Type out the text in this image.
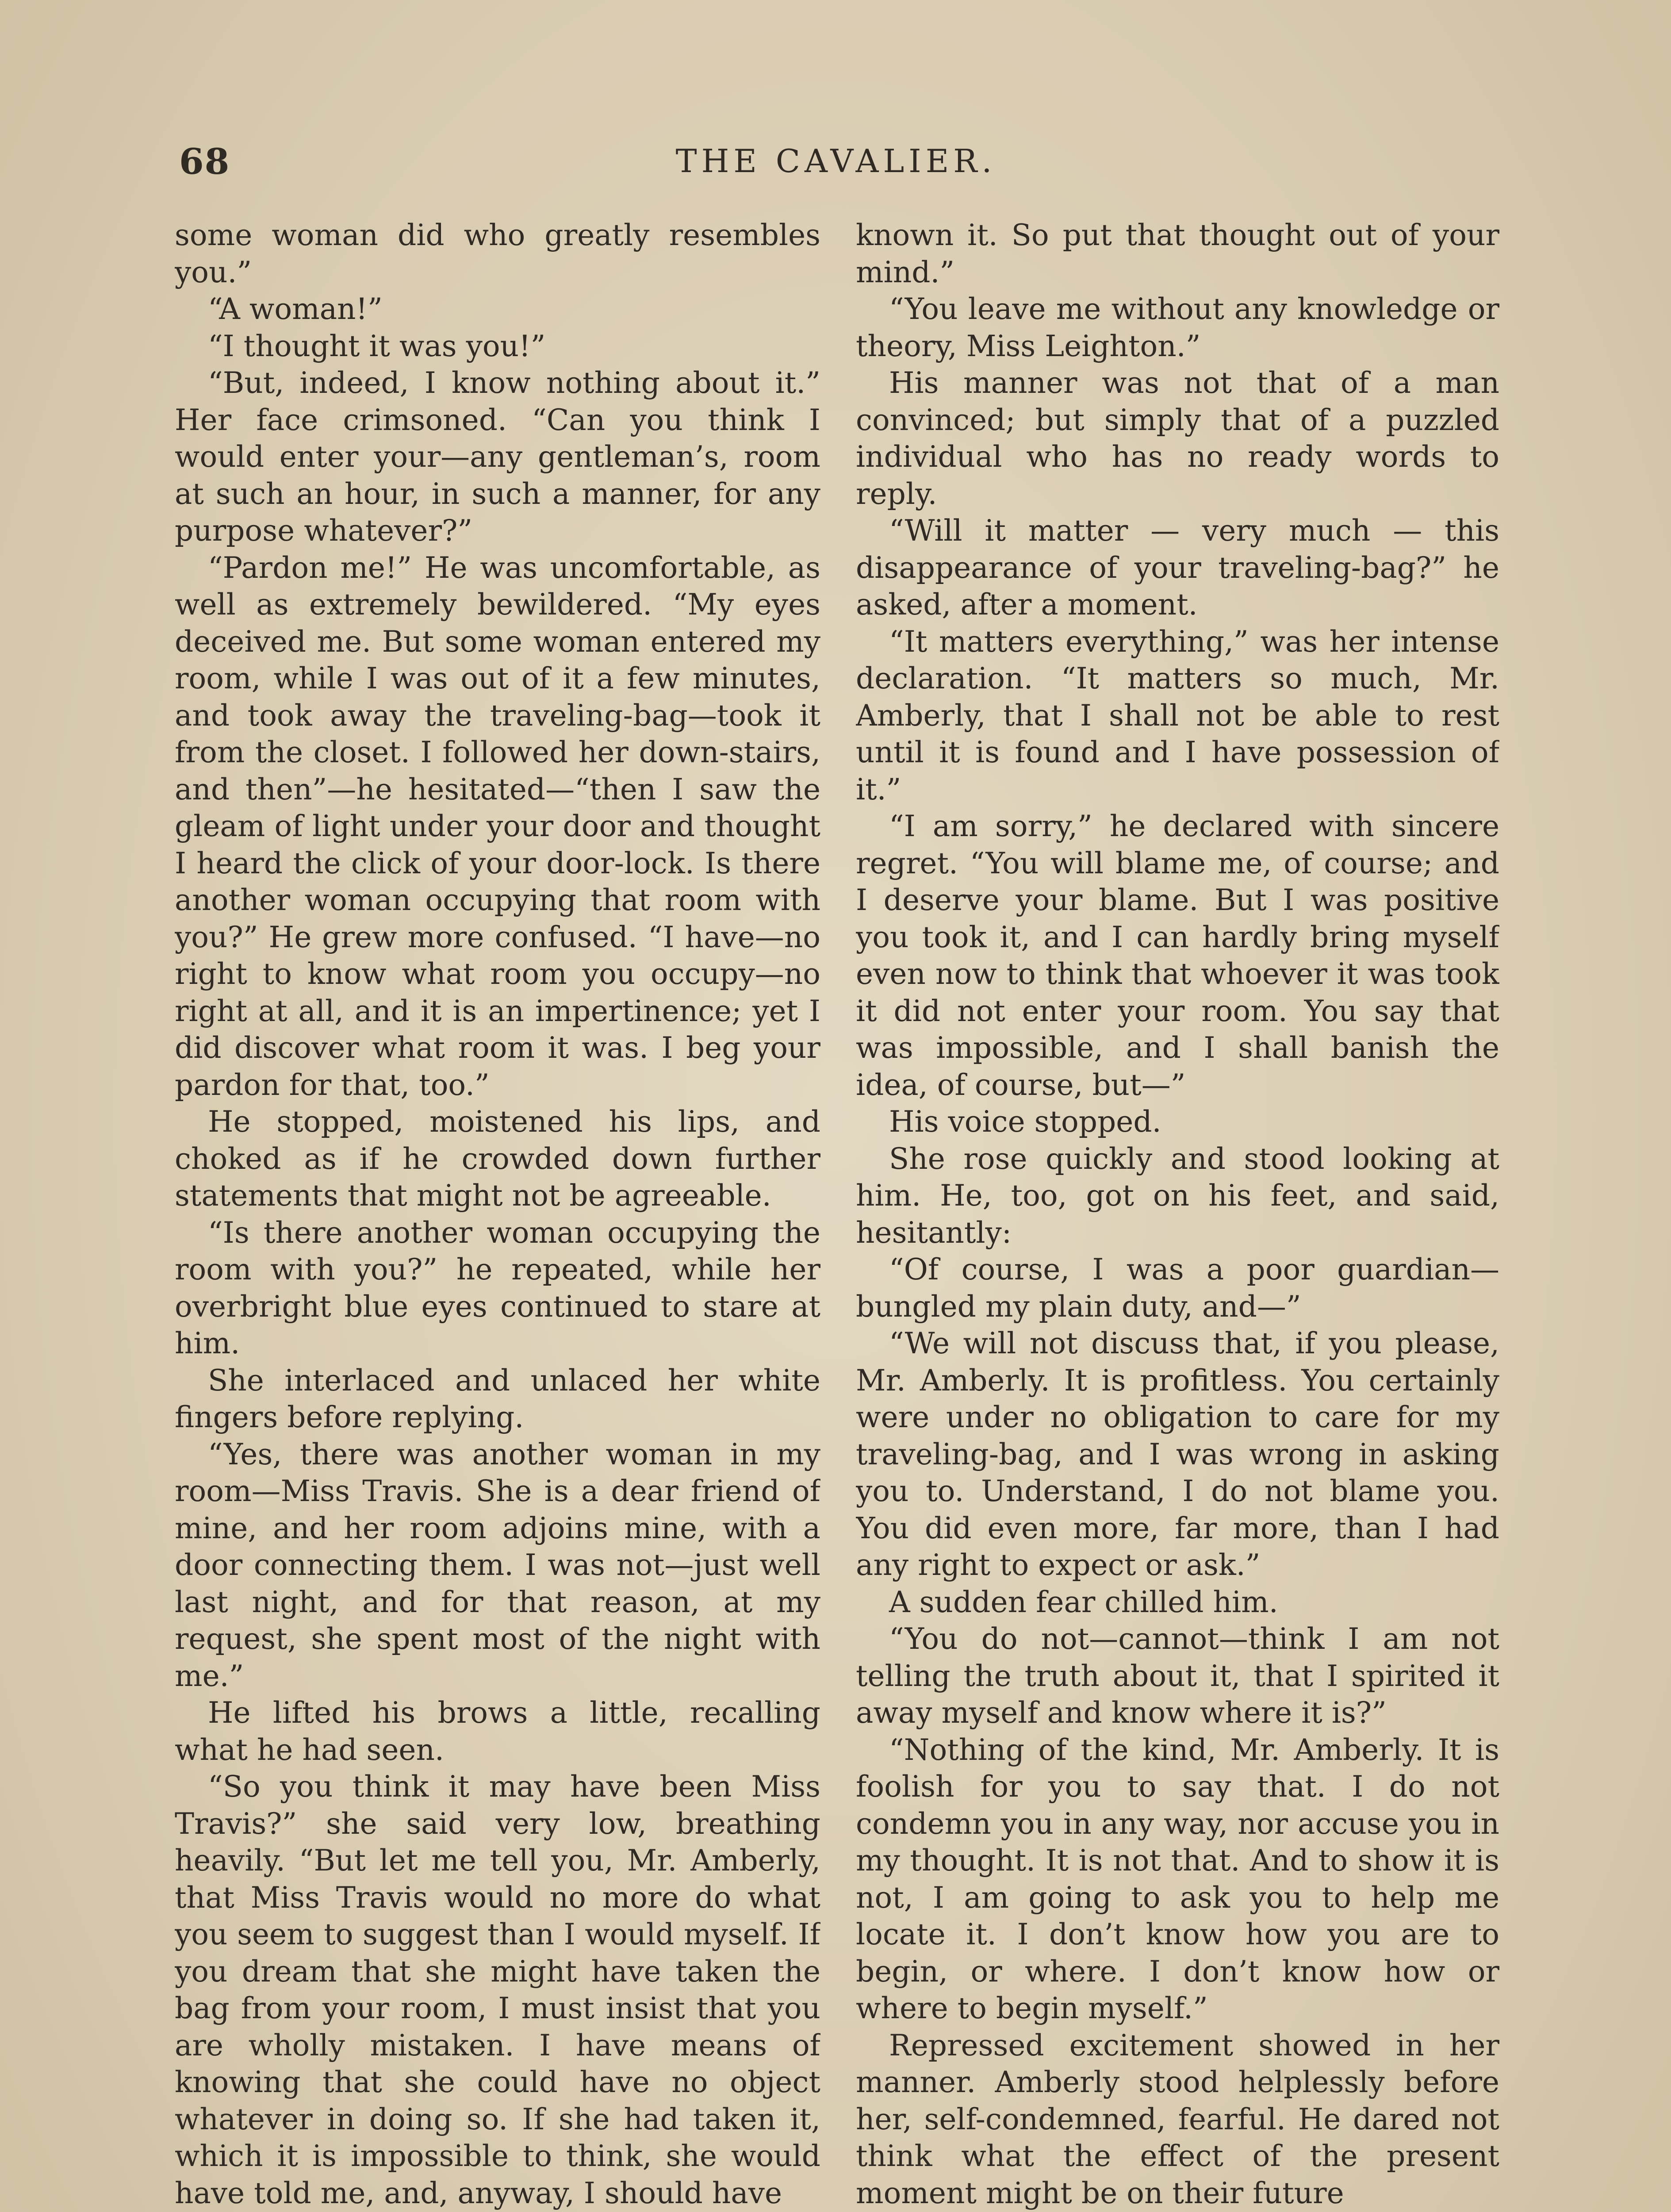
68	THE CAVALIER.

some woman did who greatly resembles you.”

“A woman!”

“I thought it was you!”

“But, indeed, I know nothing about it.” Her face crimsoned. “Can you think I would enter your—any gentleman’s, room at such an hour, in such a manner, for any purpose whatever?”

“Pardon me!” He was uncomfortable, as well as extremely bewildered. “My eyes deceived me. But some woman entered my room, while I was out of it a few minutes, and took away the traveling-bag—took it from the closet. I followed her down-stairs, and then”—he hesitated—“then I saw the gleam of light under your door and thought I heard the click of your door-lock. Is there another woman occupying that room with you?” He grew more confused. “I have—no right to know what room you occupy—no right at all, and it is an impertinence; yet I did discover what room it was. I beg your pardon for that, too.”

He stopped, moistened his lips, and choked as if he crowded down further statements that might not be agreeable.

“Is there another woman occupying the room with you?” he repeated, while her overbright blue eyes continued to stare at him.

She interlaced and unlaced her white fingers before replying.

“Yes, there was another woman in my room—Miss Travis. She is a dear friend of mine, and her room adjoins mine, with a door connecting them. I was not—just well last night, and for that reason, at my request, she spent most of the night with me.”

He lifted his brows a little, recalling what he had seen.

“So you think it may have been Miss Travis?” she said very low, breathing heavily. “But let me tell you, Mr. Amberly, that Miss Travis would no more do what you seem to suggest than I would myself. If you dream that she might have taken the bag from your room, I must insist that you are wholly mistaken. I have means of knowing that she could have no object whatever in doing so. If she had taken it, which it is impossible to think, she would have told me, and, anyway, I should have

known it. So put that thought out of your mind.”

“You leave me without any knowledge or theory, Miss Leighton.”

His manner was not that of a man convinced; but simply that of a puzzled individual who has no ready words to reply.

“Will it matter — very much — this disappearance of your traveling-bag?” he asked, after a moment.

“It matters everything,” was her intense declaration. “It matters so much, Mr. Amberly, that I shall not be able to rest until it is found and I have possession of it.”

“I am sorry,” he declared with sincere regret. “You will blame me, of course; and I deserve your blame. But I was positive you took it, and I can hardly bring myself even now to think that whoever it was took it did not enter your room. You say that was impossible, and I shall banish the idea, of course, but—”

His voice stopped.

She rose quickly and stood looking at him. He, too, got on his feet, and said, hesitantly:

“Of course, I was a poor guardian—bungled my plain duty, and—”

“We will not discuss that, if you please, Mr. Amberly. It is profitless. You certainly were under no obligation to care for my traveling-bag, and I was wrong in asking you to. Understand, I do not blame you. You did even more, far more, than I had any right to expect or ask.”

A sudden fear chilled him.

“You do not—cannot—think I am not telling the truth about it, that I spirited it away myself and know where it is?”

“Nothing of the kind, Mr. Amberly. It is foolish for you to say that. I do not condemn you in any way, nor accuse you in my thought. It is not that. And to show it is not, I am going to ask you to help me locate it. I don’t know how you are to begin, or where. I don’t know how or where to begin myself.”

Repressed excitement showed in her manner. Amberly stood helplessly before her, self-condemned, fearful. He dared not think what the effect of the present moment might be on their future
